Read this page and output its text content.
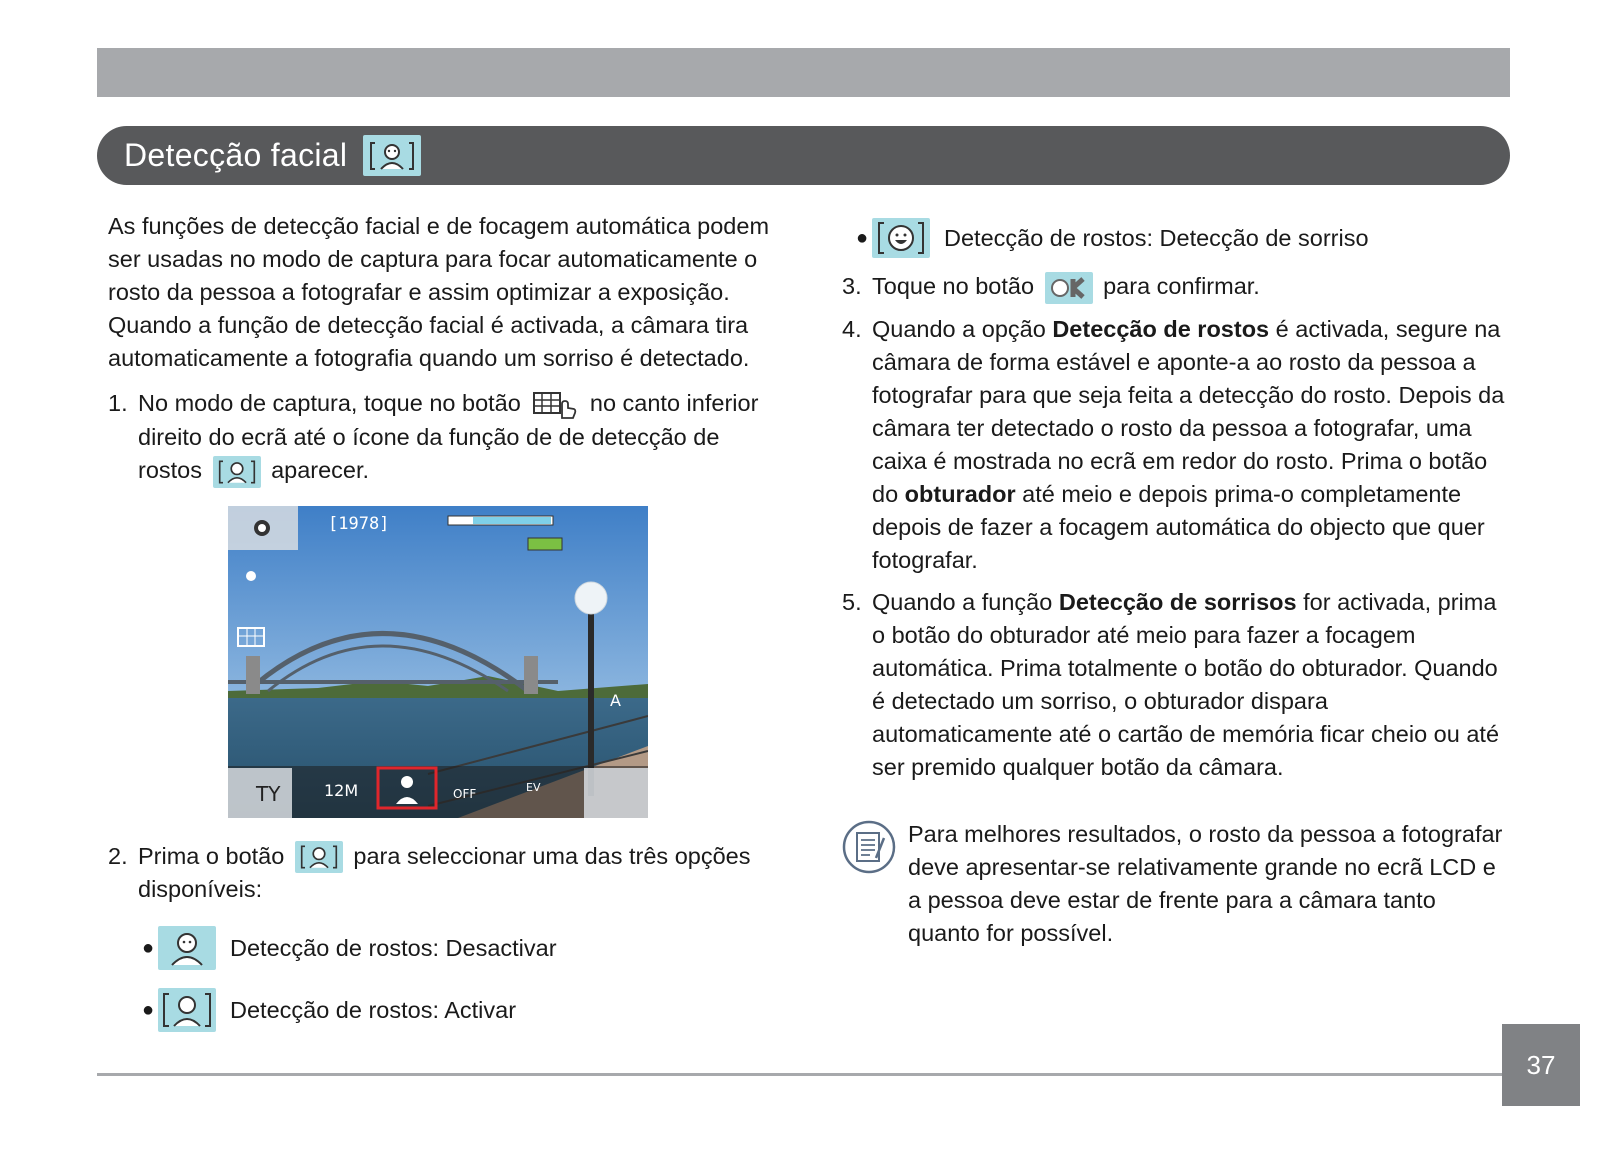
Detecção facial

As funções de detecção facial e de focagem automática podem ser usadas no modo de captura para focar automaticamente o rosto da pessoa a fotografar e assim optimizar a exposição. Quando a função de detecção facial é activada, a câmara tira automaticamente a fotografia quando um sorriso é detectado.

1. No modo de captura, toque no botão	no canto inferior direito do ecrã até o ícone da função de de detecção de rostos	aparecer.
TY	12M	OFF	EV
[1978]
A
2. Prima o botão	para seleccionar uma das três opções disponíveis:
●	Detecção de rostos: Desactivar
●	Detecção de rostos: Activar
●	Detecção de rostos: Detecção de sorriso
3. Toque no botão	para confirmar.
4. Quando a opção Detecção de rostos é activada, segure na câmara de forma estável e aponte-a ao rosto da pessoa a fotografar para que seja feita a detecção do rosto. Depois da câmara ter detectado o rosto da pessoa a fotografar, uma caixa é mostrada no ecrã em redor do rosto. Prima o botão do obturador até meio e depois prima-o completamente depois de fazer a focagem automática do objecto que quer fotografar.
5. Quando a função Detecção de sorrisos for activada, prima o botão do obturador até meio para fazer a focagem automática. Prima totalmente o botão do obturador. Quando é detectado um sorriso, o obturador dispara automaticamente até o cartão de memória ficar cheio ou até ser premido qualquer botão da câmara.

Para melhores resultados, o rosto da pessoa a fotografar deve apresentar-se relativamente grande no ecrã LCD e a pessoa deve estar de frente para a câmara tanto quanto for possível.

37
